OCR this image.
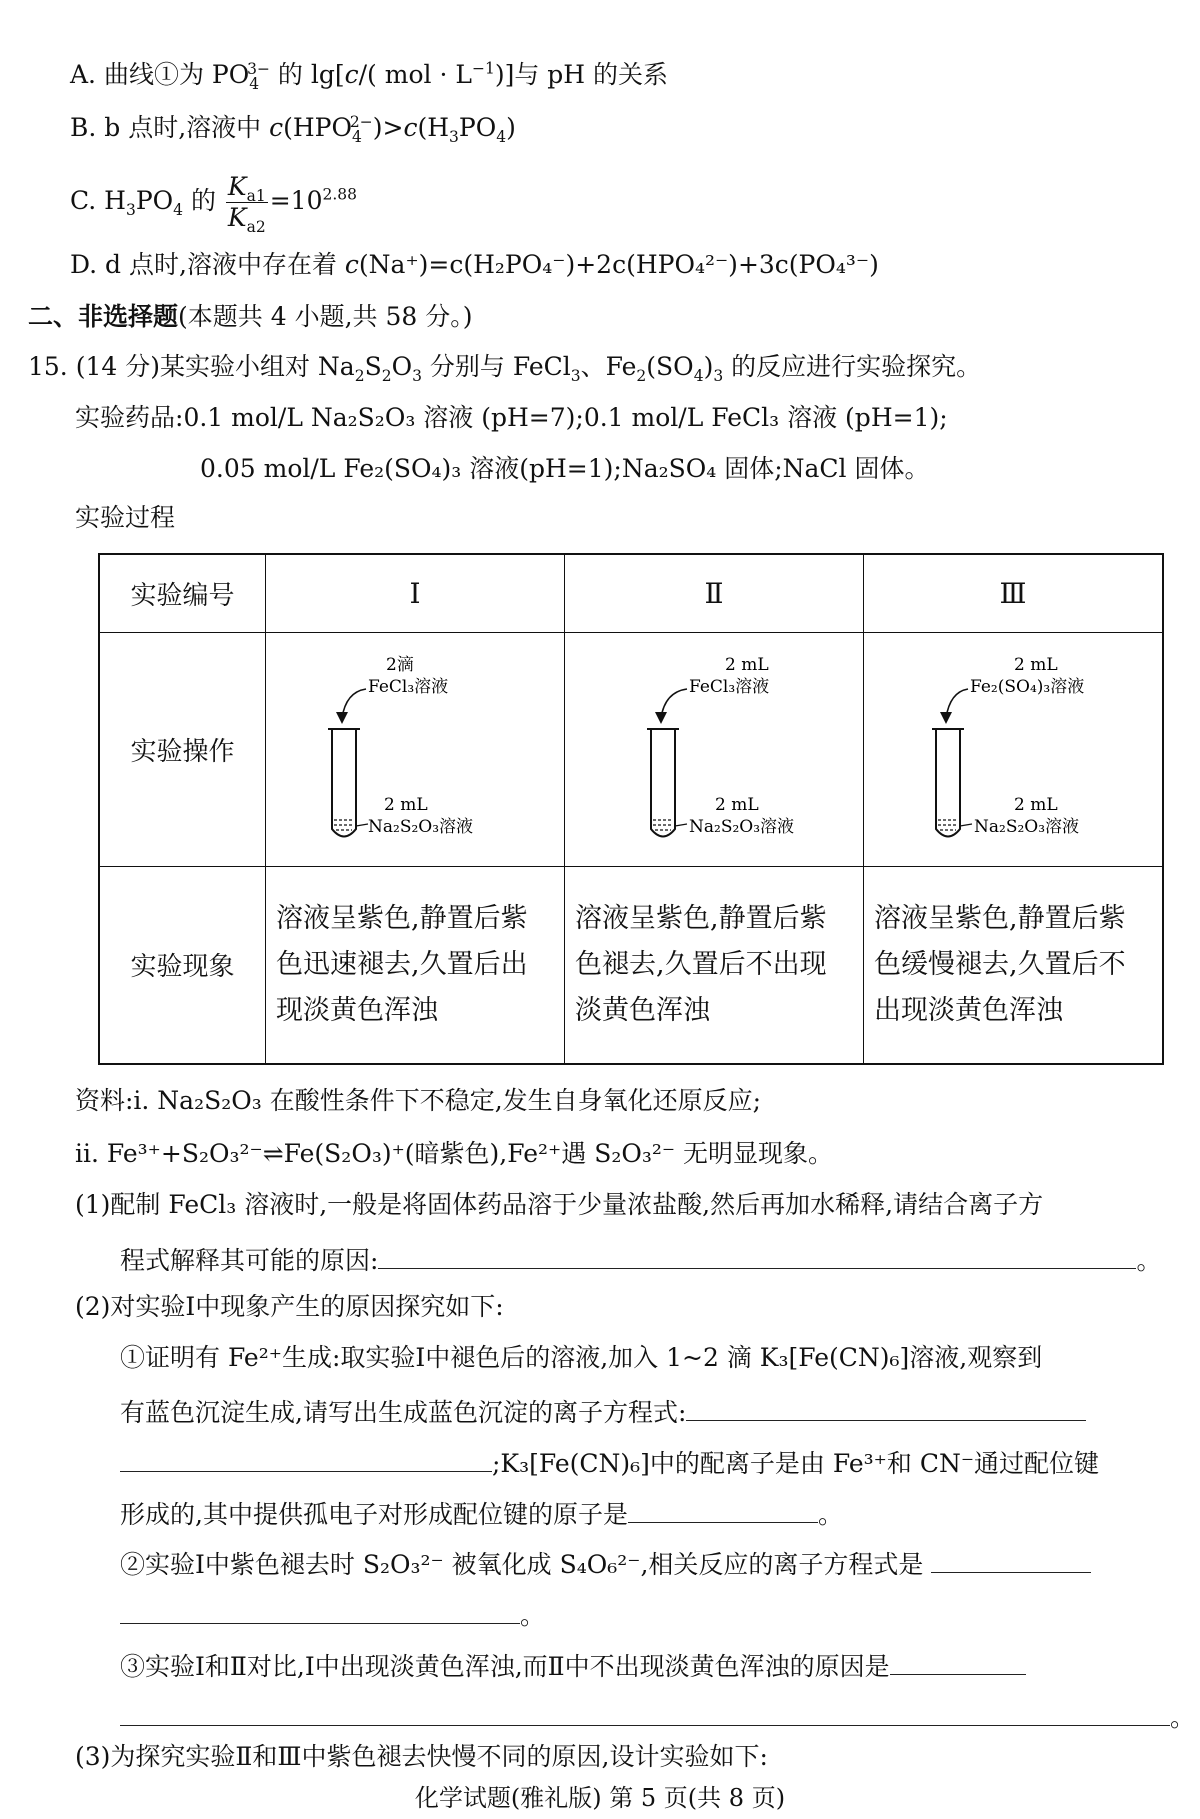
A. 曲线①为 $PO_4^{3-}$ 的 lg[c/( mol · $L^{-1}$)]与 pH 的关系
B. b 点时,溶液中 $c(HPO_4^{2-})>c(H_3PO_4)$
C. $H_3PO_4$ 的 $\frac{K_{a1}}{K_{a2}} =10^{2.88}$
D. d 点时,溶液中存在着 c(Na⁺)=c(H₂PO₄⁻)+2c(HPO₄²⁻)+3c(PO₄³⁻)
二、非选择题(本题共 4 小题,共 58 分。)
15. (14 分)某实验小组对 $Na_2S_2O_3$ 分别与 FeCl$_3$、$Fe_2(SO_4)_3$ 的反应进行实验探究。
实验药品:0.1 mol/L Na₂S₂O₃ 溶液 (pH=7);0.1 mol/L FeCl₃ 溶液 (pH=1);
0.05 mol/L Fe₂(SO₄)₃ 溶液(pH=1);Na₂SO₄ 固体;NaCl 固体。
实验过程
实验编号	Ⅰ	Ⅱ	Ⅲ
实验操作	2滴
FeCl₃溶液
2 mL
Na₂S₂O₃溶液	2 mL
FeCl₃溶液
2 mL
Na₂S₂O₃溶液	2 mL
Fe₂(SO₄)₃溶液
2 mL
Na₂S₂O₃溶液

实验现象	溶液呈紫色,静置后紫色迅速褪去,久置后出现淡黄色浑浊	溶液呈紫色,静置后紫色褪去,久置后不出现淡黄色浑浊	溶液呈紫色,静置后紫色缓慢褪去,久置后不出现淡黄色浑浊
资料:ⅰ. Na₂S₂O₃ 在酸性条件下不稳定,发生自身氧化还原反应;
ⅱ. Fe³⁺+S₂O₃²⁻⇌Fe(S₂O₃)⁺(暗紫色),Fe²⁺遇 S₂O₃²⁻ 无明显现象。
(1)配制 FeCl₃ 溶液时,一般是将固体药品溶于少量浓盐酸,然后再加水稀释,请结合离子方
程式解释其可能的原因:	。
(2)对实验Ⅰ中现象产生的原因探究如下:
①证明有 Fe²⁺生成:取实验Ⅰ中褪色后的溶液,加入 1~2 滴 K₃[Fe(CN)₆]溶液,观察到
有蓝色沉淀生成,请写出生成蓝色沉淀的离子方程式:
;K₃[Fe(CN)₆]中的配离子是由 Fe³⁺和 CN⁻通过配位键
形成的,其中提供孤电子对形成配位键的原子是	。
②实验Ⅰ中紫色褪去时 S₂O₃²⁻ 被氧化成 S₄O₆²⁻,相关反应的离子方程式是
。
③实验Ⅰ和Ⅱ对比,Ⅰ中出现淡黄色浑浊,而Ⅱ中不出现淡黄色浑浊的原因是
。
(3)为探究实验Ⅱ和Ⅲ中紫色褪去快慢不同的原因,设计实验如下:
化学试题(雅礼版) 第 5 页(共 8 页)
